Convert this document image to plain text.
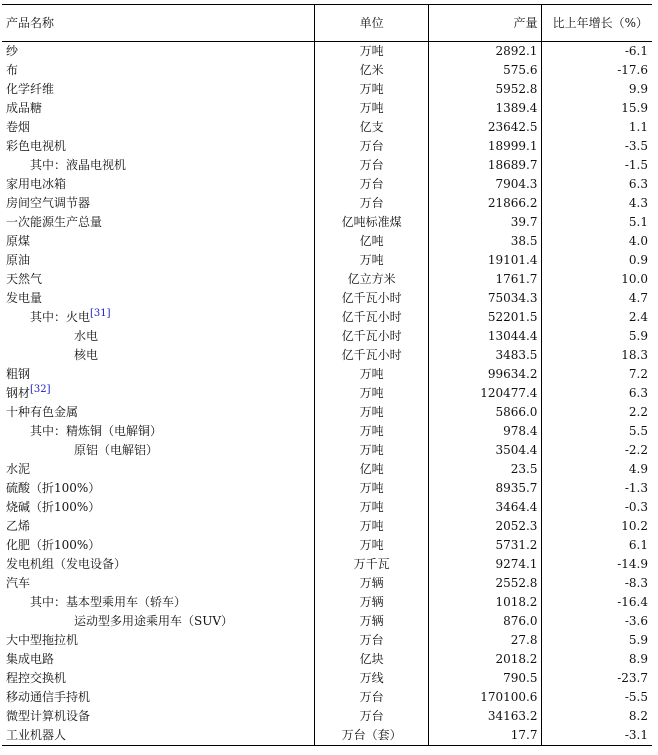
产品名称	单位	产量	比上年增长（%）
纱	万吨	2892.1	-6.1
布	亿米	575.6	-17.6
化学纤维	万吨	5952.8	9.9
成品糖	万吨	1389.4	15.9
卷烟	亿支	23642.5	1.1
彩色电视机	万台	18999.1	-3.5
其中：液晶电视机	万台	18689.7	-1.5
家用电冰箱	万台	7904.3	6.3
房间空气调节器	万台	21866.2	4.3
一次能源生产总量	亿吨标准煤	39.7	5.1
原煤	亿吨	38.5	4.0
原油	万吨	19101.4	0.9
天然气	亿立方米	1761.7	10.0
发电量	亿千瓦小时	75034.3	4.7
其中：火电[31]	亿千瓦小时	52201.5	2.4
水电	亿千瓦小时	13044.4	5.9
核电	亿千瓦小时	3483.5	18.3
粗钢	万吨	99634.2	7.2
钢材[32]	万吨	120477.4	6.3
十种有色金属	万吨	5866.0	2.2
其中：精炼铜（电解铜）	万吨	978.4	5.5
原铝（电解铝）	万吨	3504.4	-2.2
水泥	亿吨	23.5	4.9
硫酸（折100%）	万吨	8935.7	-1.3
烧碱（折100%）	万吨	3464.4	-0.3
乙烯	万吨	2052.3	10.2
化肥（折100%）	万吨	5731.2	6.1
发电机组（发电设备）	万千瓦	9274.1	-14.9
汽车	万辆	2552.8	-8.3
其中：基本型乘用车（轿车）	万辆	1018.2	-16.4
运动型多用途乘用车（SUV）	万辆	876.0	-3.6
大中型拖拉机	万台	27.8	5.9
集成电路	亿块	2018.2	8.9
程控交换机	万线	790.5	-23.7
移动通信手持机	万台	170100.6	-5.5
微型计算机设备	万台	34163.2	8.2
工业机器人	万台（套）	17.7	-3.1
